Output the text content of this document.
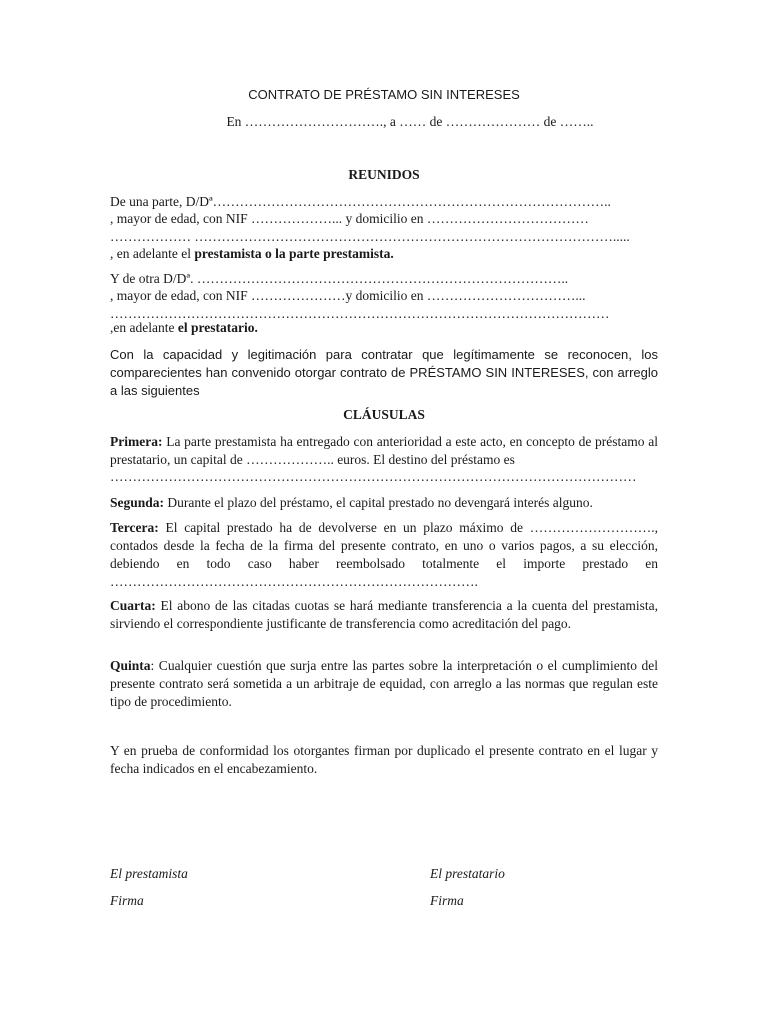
CONTRATO DE PRÉSTAMO SIN INTERESES
En …………………………., a …… de ………………… de ……..
REUNIDOS
De una parte, D/Dª……………………………………………………………………………..
, mayor de edad, con NIF ………………... y domicilio en ………………………………
……………… ………………………………………………………………………………….....
, en adelante el prestamista o la parte prestamista.
Y de otra D/Dª. ………………………………………………………………………..
, mayor de edad, con NIF …………………y domicilio en ……………………………...
…………………………………………………………………………………………………
,en adelante el prestatario.
Con la capacidad y legitimación para contratar que legítimamente se reconocen, los comparecientes han convenido otorgar contrato de PRÉSTAMO SIN INTERESES, con arreglo a las siguientes
CLÁUSULAS
Primera: La parte prestamista ha entregado con anterioridad a este acto, en concepto de préstamo al prestatario, un capital de ……………….. euros. El destino del préstamo es
………………………………………………………………………………………………………
Segunda: Durante el plazo del préstamo, el capital prestado no devengará interés alguno.
Tercera: El capital prestado ha de devolverse en un plazo máximo de ………………………., contados desde la fecha de la firma del presente contrato, en uno o varios pagos, a su elección, debiendo en todo caso haber reembolsado totalmente el importe prestado en ……………………………………………………………………….
Cuarta: El abono de las citadas cuotas se hará mediante transferencia a la cuenta del prestamista, sirviendo el correspondiente justificante de transferencia como acreditación del pago.
Quinta: Cualquier cuestión que surja entre las partes sobre la interpretación o el cumplimiento del presente contrato será sometida a un arbitraje de equidad, con arreglo a las normas que regulan este tipo de procedimiento.
Y en prueba de conformidad los otorgantes firman por duplicado el presente contrato en el lugar y fecha indicados en el encabezamiento.
El prestamista
Firma
El prestatario
Firma
